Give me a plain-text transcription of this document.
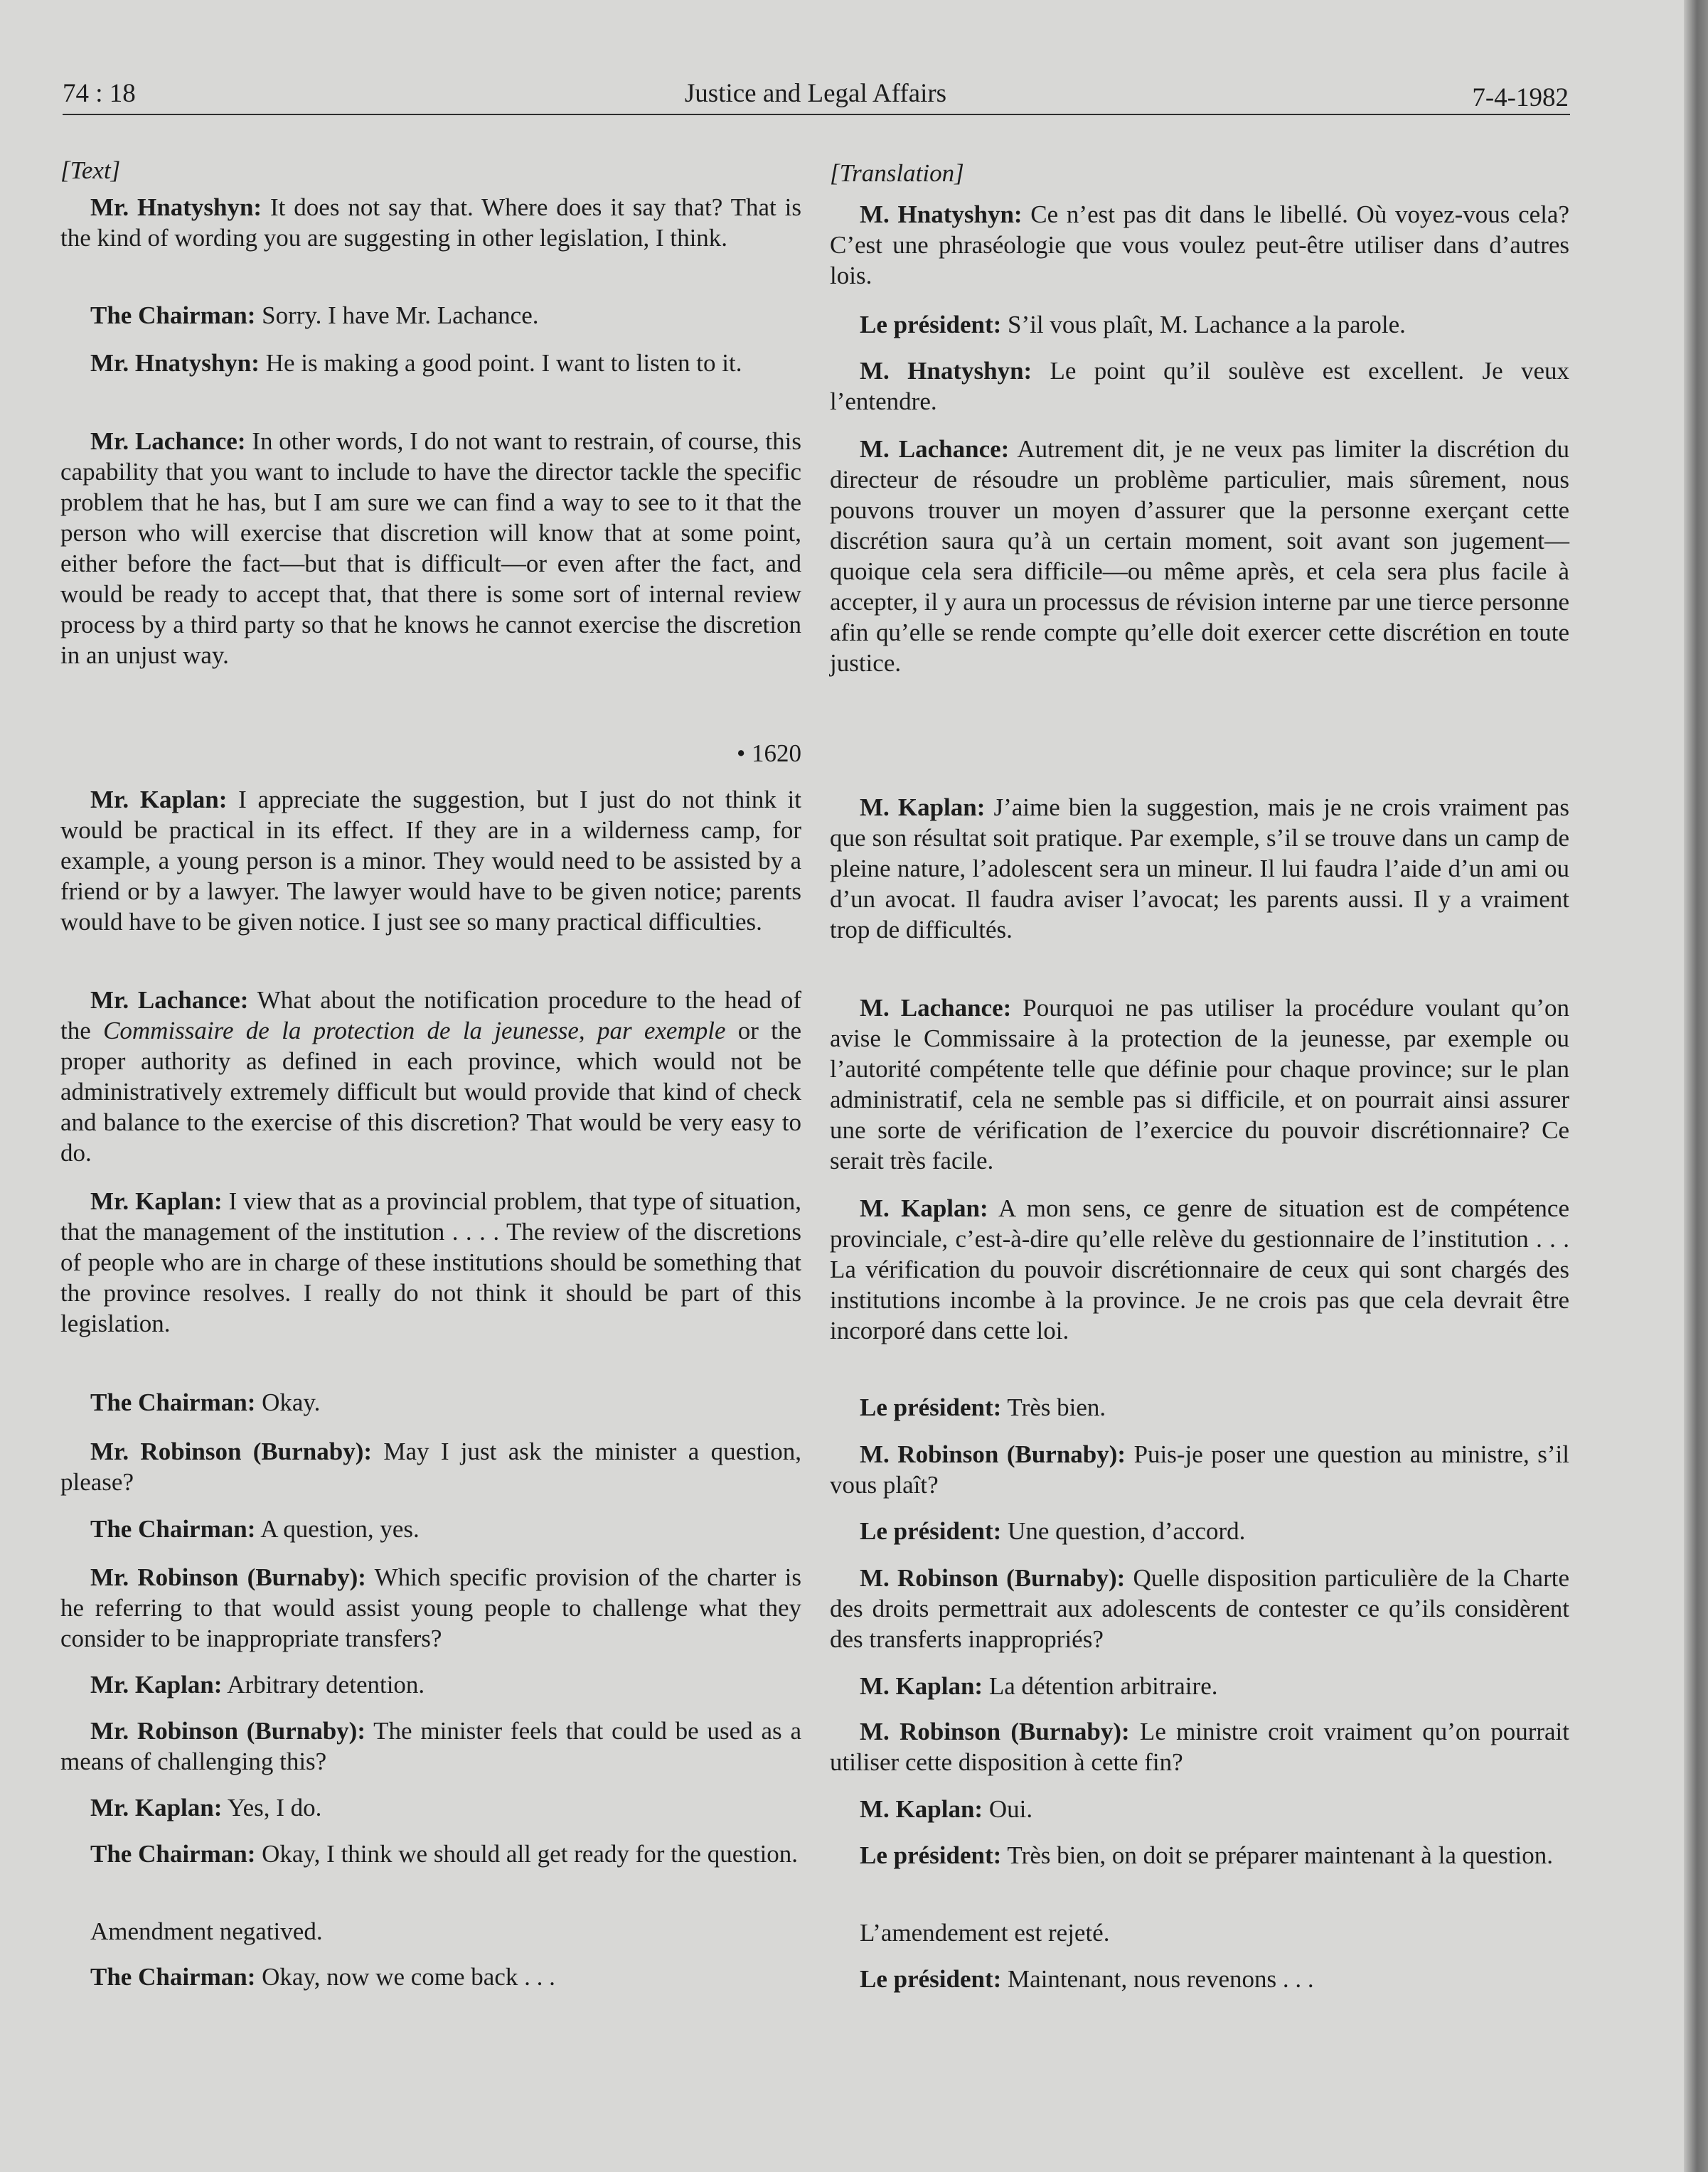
74 : 18	Justice and Legal Affairs	7-4-1982

[Text]

Mr. Hnatyshyn: It does not say that. Where does it say that? That is the kind of wording you are suggesting in other legislation, I think.

The Chairman: Sorry. I have Mr. Lachance.

Mr. Hnatyshyn: He is making a good point. I want to listen to it.

Mr. Lachance: In other words, I do not want to restrain, of course, this capability that you want to include to have the director tackle the specific problem that he has, but I am sure we can find a way to see to it that the person who will exercise that discretion will know that at some point, either before the fact—but that is difficult—or even after the fact, and would be ready to accept that, that there is some sort of internal review process by a third party so that he knows he cannot exercise the discretion in an unjust way.

• 1620

Mr. Kaplan: I appreciate the suggestion, but I just do not think it would be practical in its effect. If they are in a wilderness camp, for example, a young person is a minor. They would need to be assisted by a friend or by a lawyer. The lawyer would have to be given notice; parents would have to be given notice. I just see so many practical difficulties.

Mr. Lachance: What about the notification procedure to the head of the Commissaire de la protection de la jeunesse, par exemple or the proper authority as defined in each province, which would not be administratively extremely difficult but would provide that kind of check and balance to the exercise of this discretion? That would be very easy to do.

Mr. Kaplan: I view that as a provincial problem, that type of situation, that the management of the institution . . . . The review of the discretions of people who are in charge of these institutions should be something that the province resolves. I really do not think it should be part of this legislation.

The Chairman: Okay.

Mr. Robinson (Burnaby): May I just ask the minister a question, please?

The Chairman: A question, yes.

Mr. Robinson (Burnaby): Which specific provision of the charter is he referring to that would assist young people to challenge what they consider to be inappropriate transfers?

Mr. Kaplan: Arbitrary detention.

Mr. Robinson (Burnaby): The minister feels that could be used as a means of challenging this?

Mr. Kaplan: Yes, I do.

The Chairman: Okay, I think we should all get ready for the question.

Amendment negatived.

The Chairman: Okay, now we come back . . .

[Translation]

M. Hnatyshyn: Ce n’est pas dit dans le libellé. Où voyez-vous cela? C’est une phraséologie que vous voulez peut-être utiliser dans d’autres lois.

Le président: S’il vous plaît, M. Lachance a la parole.

M. Hnatyshyn: Le point qu’il soulève est excellent. Je veux l’entendre.

M. Lachance: Autrement dit, je ne veux pas limiter la discrétion du directeur de résoudre un problème particulier, mais sûrement, nous pouvons trouver un moyen d’assurer que la personne exerçant cette discrétion saura qu’à un certain moment, soit avant son jugement—quoique cela sera difficile—ou même après, et cela sera plus facile à accepter, il y aura un processus de révision interne par une tierce personne afin qu’elle se rende compte qu’elle doit exercer cette discrétion en toute justice.

M. Kaplan: J’aime bien la suggestion, mais je ne crois vraiment pas que son résultat soit pratique. Par exemple, s’il se trouve dans un camp de pleine nature, l’adolescent sera un mineur. Il lui faudra l’aide d’un ami ou d’un avocat. Il faudra aviser l’avocat; les parents aussi. Il y a vraiment trop de difficultés.

M. Lachance: Pourquoi ne pas utiliser la procédure voulant qu’on avise le Commissaire à la protection de la jeunesse, par exemple ou l’autorité compétente telle que définie pour chaque province; sur le plan administratif, cela ne semble pas si difficile, et on pourrait ainsi assurer une sorte de vérification de l’exercice du pouvoir discrétionnaire? Ce serait très facile.

M. Kaplan: A mon sens, ce genre de situation est de compétence provinciale, c’est-à-dire qu’elle relève du gestionnaire de l’institution . . . La vérification du pouvoir discrétionnaire de ceux qui sont chargés des institutions incombe à la province. Je ne crois pas que cela devrait être incorporé dans cette loi.

Le président: Très bien.

M. Robinson (Burnaby): Puis-je poser une question au ministre, s’il vous plaît?

Le président: Une question, d’accord.

M. Robinson (Burnaby): Quelle disposition particulière de la Charte des droits permettrait aux adolescents de contester ce qu’ils considèrent des transferts inappropriés?

M. Kaplan: La détention arbitraire.

M. Robinson (Burnaby): Le ministre croit vraiment qu’on pourrait utiliser cette disposition à cette fin?

M. Kaplan: Oui.

Le président: Très bien, on doit se préparer maintenant à la question.

L’amendement est rejeté.

Le président: Maintenant, nous revenons . . .
